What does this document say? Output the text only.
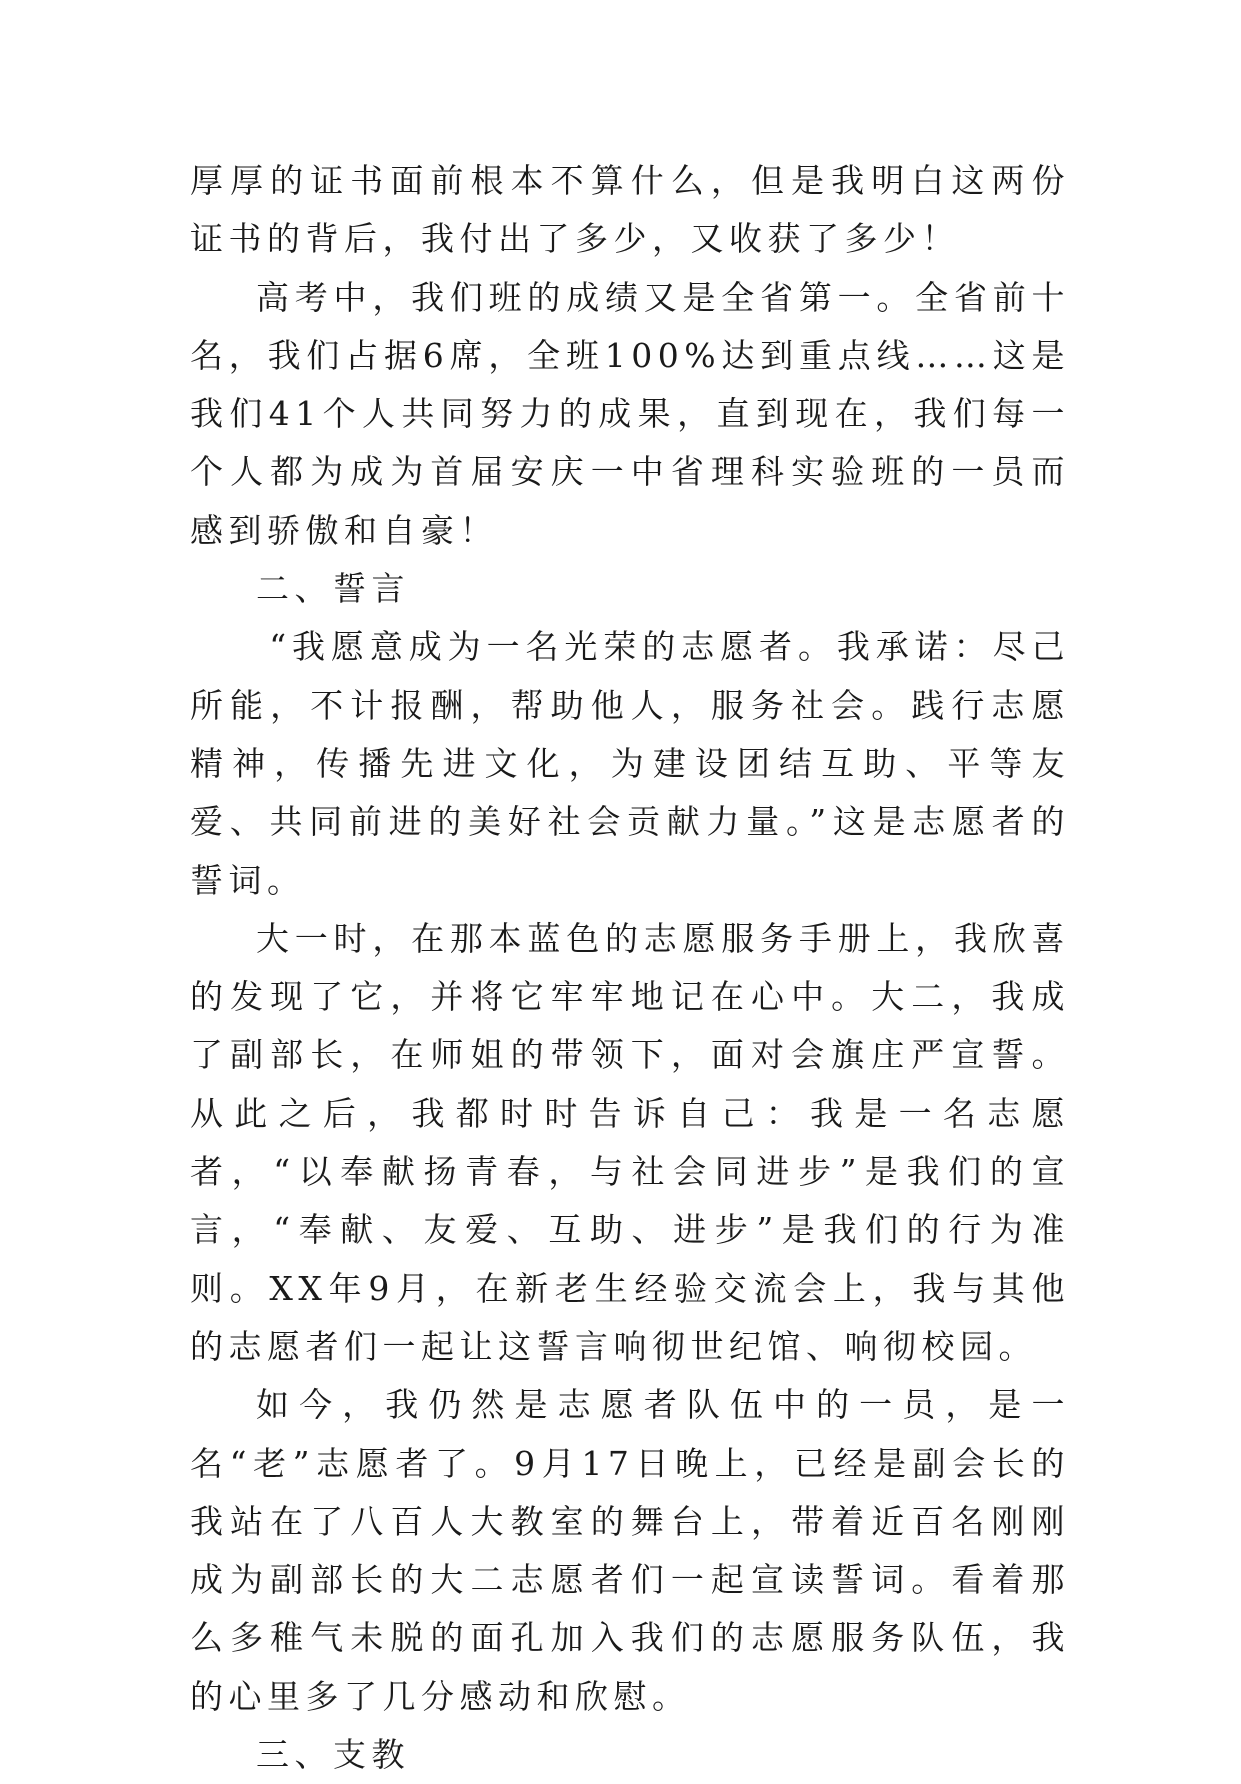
厚厚的证书面前根本不算什么，但是我明白这两份证书的背后，我付出了多少，又收获了多少！

高考中，我们班的成绩又是全省第一。全省前十名，我们占据6席，全班100%达到重点线……这是我们41个人共同努力的成果，直到现在，我们每一个人都为成为首届安庆一中省理科实验班的一员而感到骄傲和自豪！

二、誓言

“我愿意成为一名光荣的志愿者。我承诺：尽己所能，不计报酬，帮助他人，服务社会。践行志愿精神，传播先进文化，为建设团结互助、平等友爱、共同前进的美好社会贡献力量。”这是志愿者的誓词。

大一时，在那本蓝色的志愿服务手册上，我欣喜的发现了它，并将它牢牢地记在心中。大二，我成了副部长，在师姐的带领下，面对会旗庄严宣誓。从此之后，我都时时告诉自己：我是一名志愿者，“以奉献扬青春，与社会同进步”是我们的宣言，“奉献、友爱、互助、进步”是我们的行为准则。XX年9月，在新老生经验交流会上，我与其他的志愿者们一起让这誓言响彻世纪馆、响彻校园。

如今，我仍然是志愿者队伍中的一员，是一名“老”志愿者了。9月17日晚上，已经是副会长的我站在了八百人大教室的舞台上，带着近百名刚刚成为副部长的大二志愿者们一起宣读誓词。看着那么多稚气未脱的面孔加入我们的志愿服务队伍，我的心里多了几分感动和欣慰。

三、支教
